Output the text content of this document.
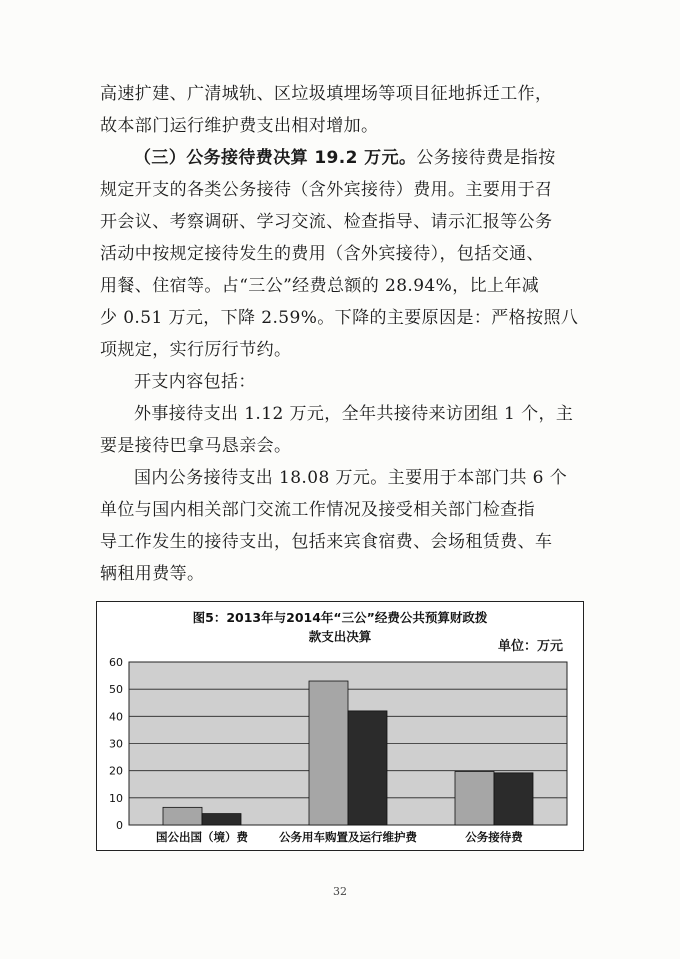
高速扩建、广清城轨、区垃圾填埋场等项目征地拆迁工作，
故本部门运行维护费支出相对增加。
（三）公务接待费决算 19.2 万元。公务接待费是指按
规定开支的各类公务接待（含外宾接待）费用。主要用于召
开会议、考察调研、学习交流、检查指导、请示汇报等公务
活动中按规定接待发生的费用（含外宾接待），包括交通、
用餐、住宿等。占“三公”经费总额的 28.94%，比上年减
少 0.51 万元，下降 2.59%。下降的主要原因是：严格按照八
项规定，实行厉行节约。
开支内容包括：
外事接待支出 1.12 万元，全年共接待来访团组 1 个，主
要是接待巴拿马恳亲会。
国内公务接待支出 18.08 万元。主要用于本部门共 6 个
单位与国内相关部门交流工作情况及接受相关部门检查指
导工作发生的接待支出，包括来宾食宿费、会场租赁费、车
辆租用费等。
图5：2013年与2014年“三公”经费公共预算财政拨
款支出决算
单位：万元
0
10
20
30
40
50
60
国公出国（境）费	公务用车购置及运行维护费	公务接待费
32
